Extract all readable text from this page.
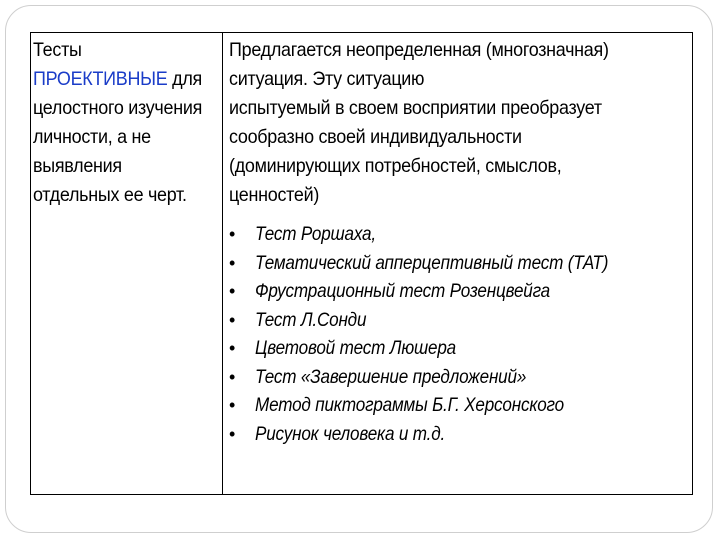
Тесты
ПРОЕКТИВНЫЕ для
целостного изучения
личности, а не
выявления
отдельных ее черт.
Предлагается неопределенная (многозначная)
ситуация. Эту ситуацию
испытуемый в своем восприятии преобразует
сообразно своей индивидуальности
(доминирующих потребностей, смыслов,
ценностей)
• Тест Роршаха,
• Тематический апперцептивный тест (ТАТ)
• Фрустрационный тест Розенцвейга
• Тест Л.Сонди
• Цветовой тест Люшера
• Тест «Завершение предложений»
• Метод пиктограммы Б.Г. Херсонского
• Рисунок человека и т.д.
